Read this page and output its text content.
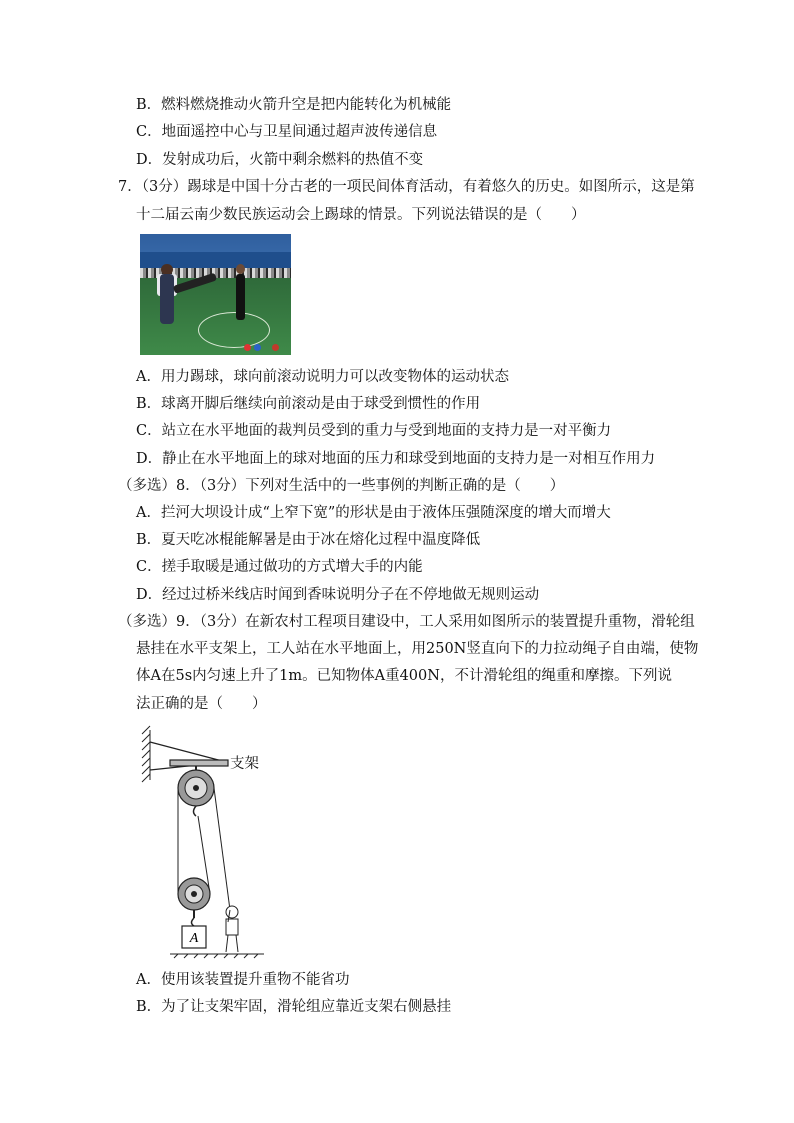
B．燃料燃烧推动火箭升空是把内能转化为机械能
C．地面遥控中心与卫星间通过超声波传递信息
D．发射成功后，火箭中剩余燃料的热值不变
7．（3分）踢球是中国十分古老的一项民间体育活动，有着悠久的历史。如图所示，这是第
十二届云南少数民族运动会上踢球的情景。下列说法错误的是（　　）
A．用力踢球，球向前滚动说明力可以改变物体的运动状态
B．球离开脚后继续向前滚动是由于球受到惯性的作用
C．站立在水平地面的裁判员受到的重力与受到地面的支持力是一对平衡力
D．静止在水平地面上的球对地面的压力和球受到地面的支持力是一对相互作用力
（多选）8．（3分）下列对生活中的一些事例的判断正确的是（　　）
A．拦河大坝设计成“上窄下宽”的形状是由于液体压强随深度的增大而增大
B．夏天吃冰棍能解暑是由于冰在熔化过程中温度降低
C．搓手取暖是通过做功的方式增大手的内能
D．经过过桥米线店时闻到香味说明分子在不停地做无规则运动
（多选）9．（3分）在新农村工程项目建设中，工人采用如图所示的装置提升重物，滑轮组
悬挂在水平支架上，工人站在水平地面上，用250N竖直向下的力拉动绳子自由端，使物
体A在5s内匀速上升了1m。已知物体A重400N，不计滑轮组的绳重和摩擦。下列说
法正确的是（　　）
A
支架
A．使用该装置提升重物不能省功
B．为了让支架牢固，滑轮组应靠近支架右侧悬挂
